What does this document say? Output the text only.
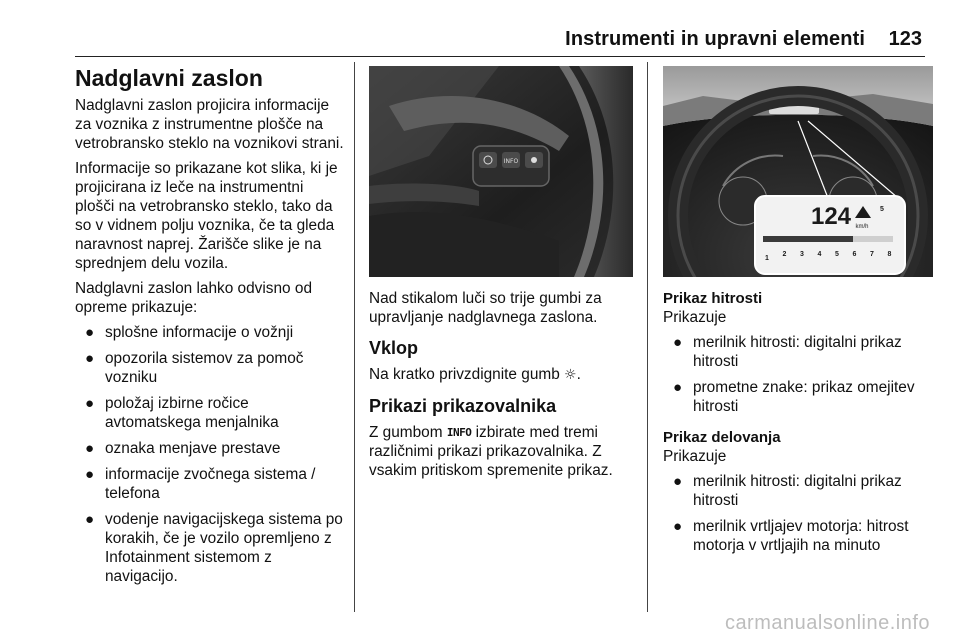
Instrumenti in upravni elementi 123
Nadglavni zaslon

Nadglavni zaslon projicira informacije za voznika z instrumentne plošče na vetrobransko steklo na voznikovi strani.

Informacije so prikazane kot slika, ki je projicirana iz leče na instrumentni plošči na vetrobransko steklo, tako da so v vidnem polju voznika, če ta gleda naravnost naprej. Žarišče slike je na sprednjem delu vozila.

Nadglavni zaslon lahko odvisno od opreme prikazuje:

● splošne informacije o vožnji
● opozorila sistemov za pomoč vozniku
● položaj izbirne ročice avtomatskega menjalnika
● oznaka menjave prestave
● informacije zvočnega sistema / telefona
● vodenje navigacijskega sistema po korakih, če je vozilo opremljeno z Infotainment sistemom z navigacijo.
INFO

Nad stikalom luči so trije gumbi za upravljanje nadglavnega zaslona.

Vklop

Na kratko privzdignite gumb ☼.

Prikazi prikazovalnika

Z gumbom INFO izbirate med tremi različnimi prikazi prikazovalnika. Z vsakim pritiskom spremenite prikaz.

124
124 km/h
5
1
2 3 4 5 6 7 8
Prikaz hitrosti

Prikazuje

● merilnik hitrosti: digitalni prikaz hitrosti
● prometne znake: prikaz omejitev hitrosti
Prikaz delovanja

Prikazuje

● merilnik hitrosti: digitalni prikaz hitrosti
● merilnik vrtljajev motorja: hitrost motorja v vrtljajih na minuto
carmanualsonline.info
